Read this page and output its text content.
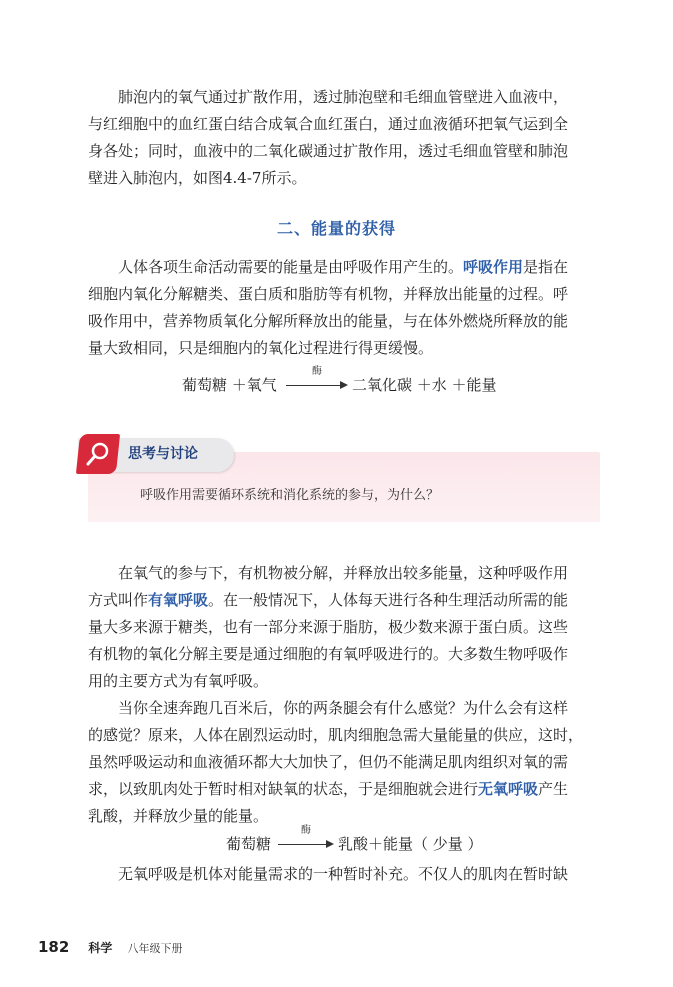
肺泡内的氧气通过扩散作用，透过肺泡壁和毛细血管壁进入血液中，
与红细胞中的血红蛋白结合成氧合血红蛋白，通过血液循环把氧气运到全
身各处；同时，血液中的二氧化碳通过扩散作用，透过毛细血管壁和肺泡
壁进入肺泡内，如图4.4-7所示。
二、能量的获得
人体各项生命活动需要的能量是由呼吸作用产生的。呼吸作用是指在
细胞内氧化分解糖类、蛋白质和脂肪等有机物，并释放出能量的过程。呼
吸作用中，营养物质氧化分解所释放出的能量，与在体外燃烧所释放的能
量大致相同，只是细胞内的氧化过程进行得更缓慢。
葡萄糖 ＋氧气
酶
二氧化碳 ＋水 ＋能量
思考与讨论
呼吸作用需要循环系统和消化系统的参与，为什么？
在氧气的参与下，有机物被分解，并释放出较多能量，这种呼吸作用
方式叫作有氧呼吸。在一般情况下，人体每天进行各种生理活动所需的能
量大多来源于糖类，也有一部分来源于脂肪，极少数来源于蛋白质。这些
有机物的氧化分解主要是通过细胞的有氧呼吸进行的。大多数生物呼吸作
用的主要方式为有氧呼吸。
当你全速奔跑几百米后，你的两条腿会有什么感觉？为什么会有这样
的感觉？原来，人体在剧烈运动时，肌肉细胞急需大量能量的供应，这时，
虽然呼吸运动和血液循环都大大加快了，但仍不能满足肌肉组织对氧的需
求，以致肌肉处于暂时相对缺氧的状态，于是细胞就会进行无氧呼吸产生
乳酸，并释放少量的能量。
葡萄糖
酶
乳酸＋能量（ 少量 ）
无氧呼吸是机体对能量需求的一种暂时补充。不仅人的肌肉在暂时缺
182 科学 八年级下册
